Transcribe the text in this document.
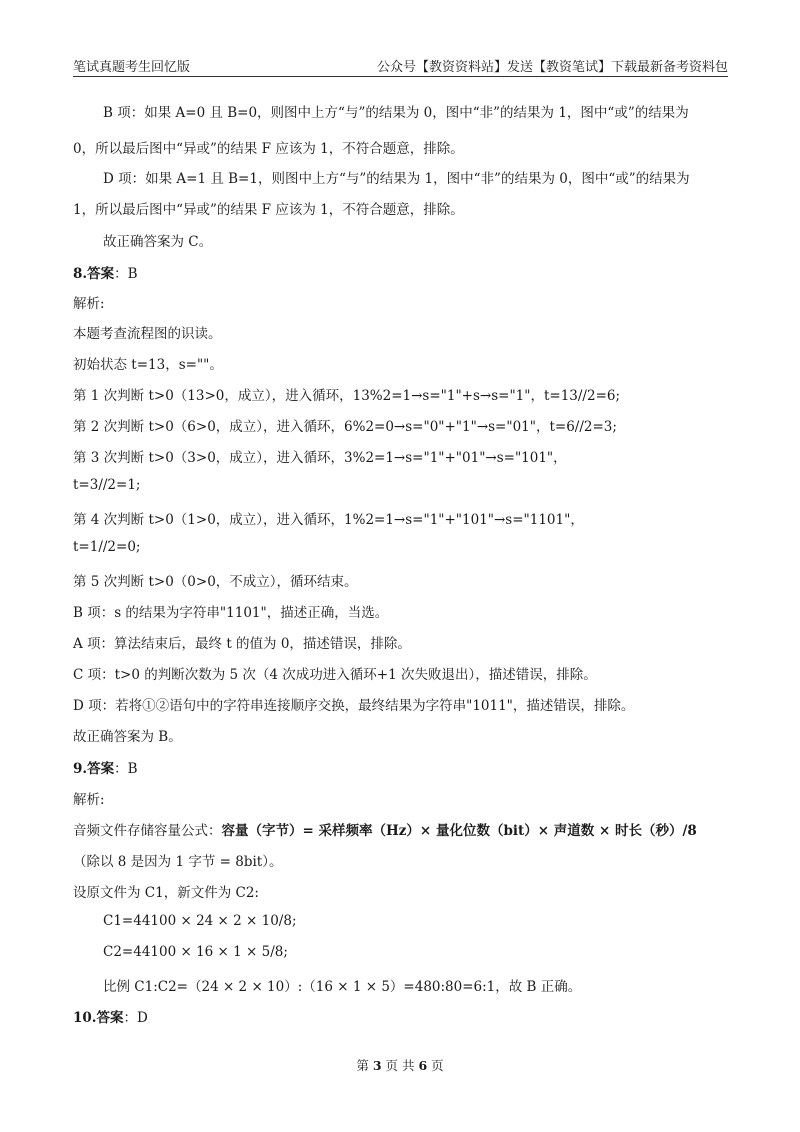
笔试真题考生回忆版	公众号【教资资料站】发送【教资笔试】下载最新备考资料包
B 项：如果 A=0 且 B=0，则图中上方“与”的结果为 0，图中“非”的结果为 1，图中“或”的结果为
0，所以最后图中“异或”的结果 F 应该为 1，不符合题意，排除。
D 项：如果 A=1 且 B=1，则图中上方“与”的结果为 1，图中“非”的结果为 0，图中“或”的结果为
1，所以最后图中“异或”的结果 F 应该为 1，不符合题意，排除。
故正确答案为 C。
8.答案：B
解析:
本题考查流程图的识读。
初始状态 t=13，s=""。
第 1 次判断 t>0（13>0，成立），进入循环，13%2=1→s="1"+s→s="1"，t=13//2=6;
第 2 次判断 t>0（6>0，成立），进入循环，6%2=0→s="0"+"1"→s="01"，t=6//2=3;
第 3 次判断 t>0（3>0，成立），进入循环，3%2=1→s="1"+"01"→s="101"，
t=3//2=1;
第 4 次判断 t>0（1>0，成立），进入循环，1%2=1→s="1"+"101"→s="1101"，
t=1//2=0;
第 5 次判断 t>0（0>0，不成立），循环结束。
B 项：s 的结果为字符串"1101"，描述正确，当选。
A 项：算法结束后，最终 t 的值为 0，描述错误，排除。
C 项：t>0 的判断次数为 5 次（4 次成功进入循环+1 次失败退出），描述错误，排除。
D 项：若将①②语句中的字符串连接顺序交换，最终结果为字符串"1011"，描述错误，排除。
故正确答案为 B。
9.答案：B
解析:
音频文件存储容量公式：容量（字节）= 采样频率（Hz）× 量化位数（bit）× 声道数 × 时长（秒）/8
（除以 8 是因为 1 字节 = 8bit）。
设原文件为 C1，新文件为 C2:
C1=44100 × 24 × 2 × 10/8;
C2=44100 × 16 × 1 × 5/8;
比例 C1:C2=（24 × 2 × 10）:（16 × 1 × 5）=480:80=6:1，故 B 正确。
10.答案：D
第 3 页 共 6 页
